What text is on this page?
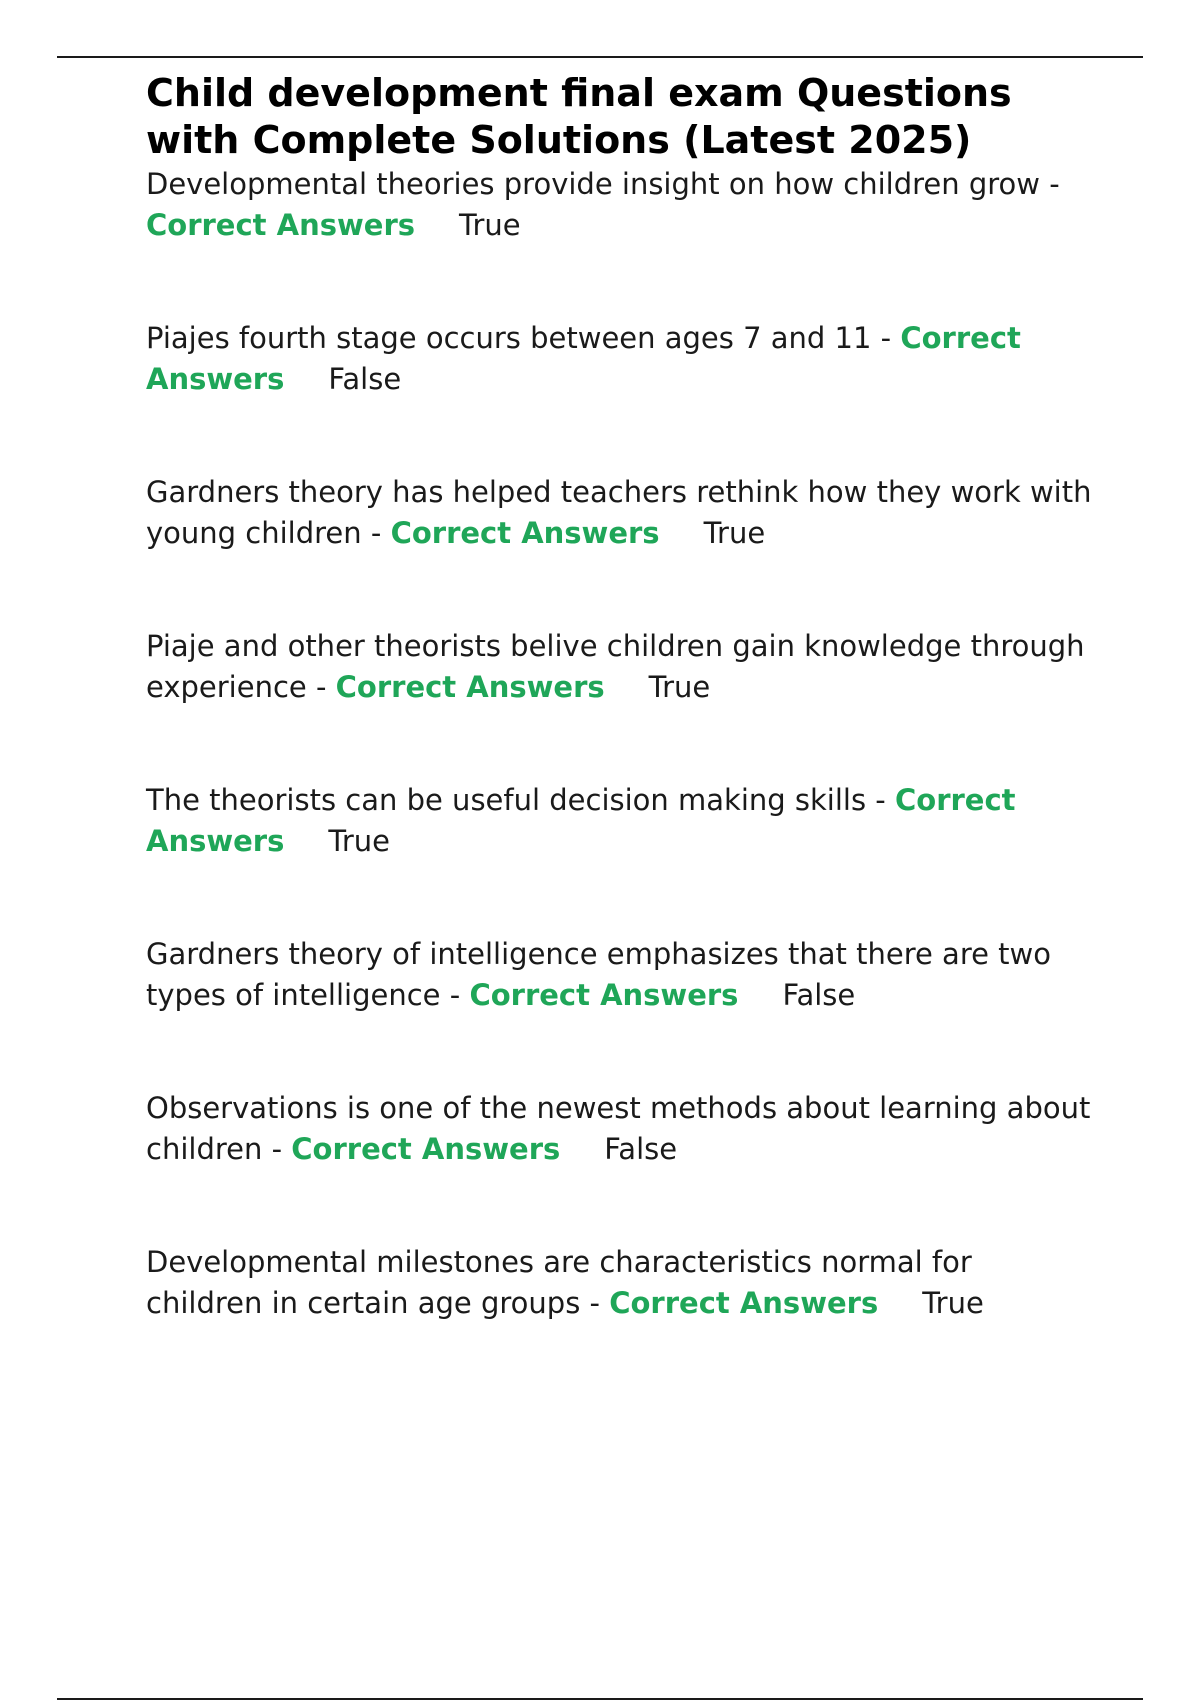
Child development final exam Questions with Complete Solutions (Latest 2025)
Developmental theories provide insight on how children grow - Correct Answers True
Piajes fourth stage occurs between ages 7 and 11 - Correct Answers False
Gardners theory has helped teachers rethink how they work with young children - Correct Answers True
Piaje and other theorists belive children gain knowledge through experience - Correct Answers True
The theorists can be useful decision making skills - Correct Answers True
Gardners theory of intelligence emphasizes that there are two types of intelligence - Correct Answers False
Observations is one of the newest methods about learning about children - Correct Answers False
Developmental milestones are characteristics normal for children in certain age groups - Correct Answers True
